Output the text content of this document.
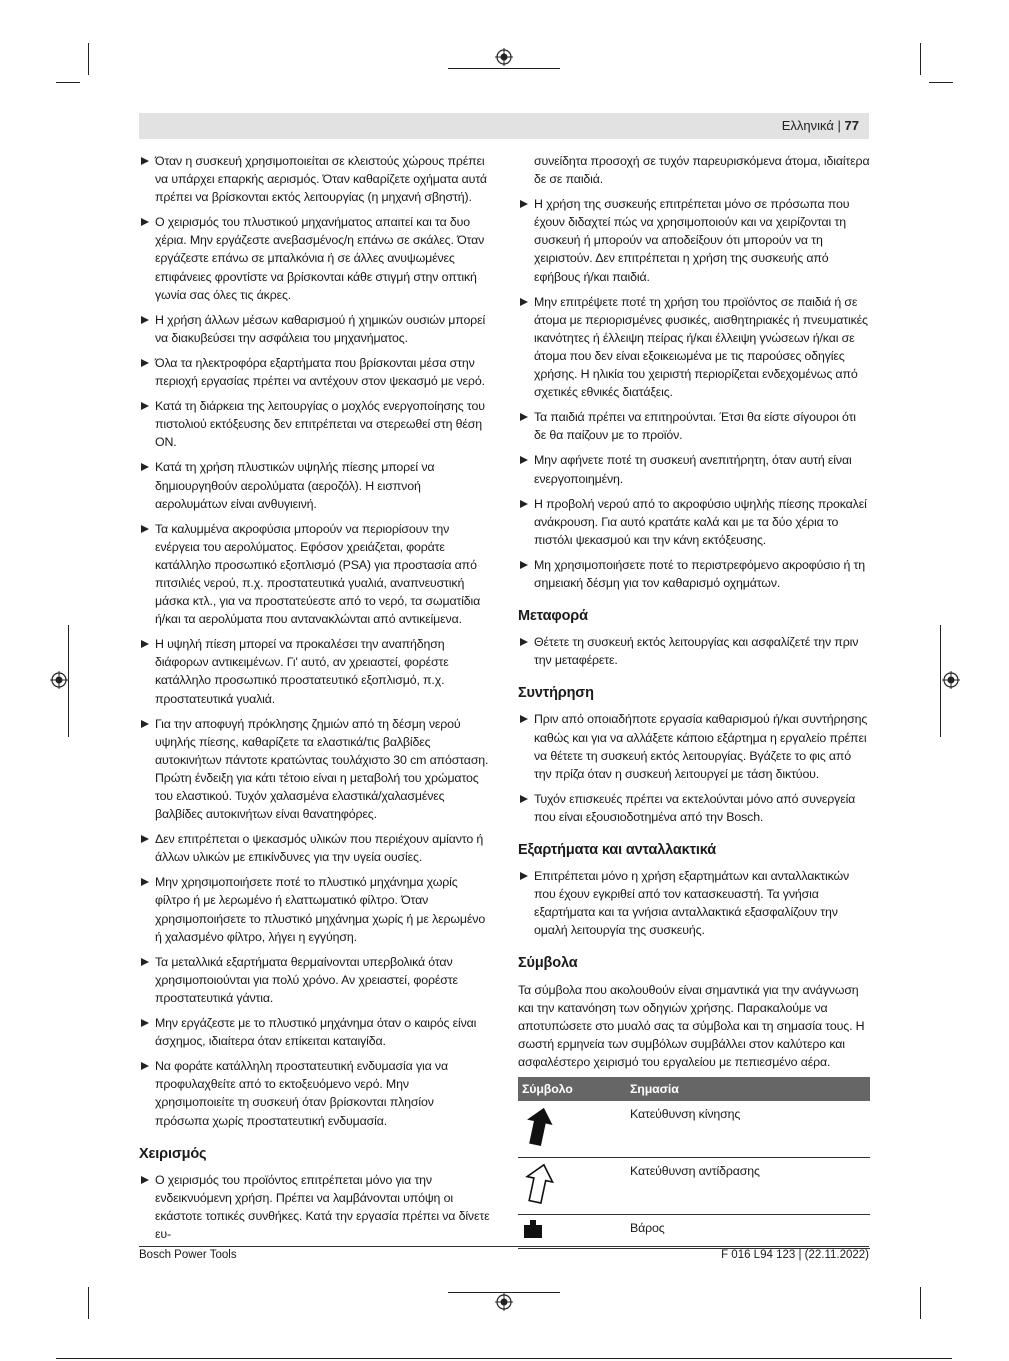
Ελληνικά | 77
Όταν η συσκευή χρησιμοποιείται σε κλειστούς χώρους πρέπει να υπάρχει επαρκής αερισμός. Όταν καθαρίζετε οχήματα αυτά πρέπει να βρίσκονται εκτός λειτουργίας (η μηχανή σβηστή).
Ο χειρισμός του πλυστικού μηχανήματος απαιτεί και τα δυο χέρια. Μην εργάζεστε ανεβασμένος/η επάνω σε σκάλες. Όταν εργάζεστε επάνω σε μπαλκόνια ή σε άλλες ανυψωμένες επιφάνειες φροντίστε να βρίσκονται κάθε στιγμή στην οπτική γωνία σας όλες τις άκρες.
Η χρήση άλλων μέσων καθαρισμού ή χημικών ουσιών μπορεί να διακυβεύσει την ασφάλεια του μηχανήματος.
Όλα τα ηλεκτροφόρα εξαρτήματα που βρίσκονται μέσα στην περιοχή εργασίας πρέπει να αντέχουν στον ψεκασμό με νερό.
Κατά τη διάρκεια της λειτουργίας ο μοχλός ενεργοποίησης του πιστολιού εκτόξευσης δεν επιτρέπεται να στερεωθεί στη θέση ON.
Κατά τη χρήση πλυστικών υψηλής πίεσης μπορεί να δημιουργηθούν αερολύματα (αεροζόλ). Η εισπνοή αερολυμάτων είναι ανθυγιεινή.
Τα καλυμμένα ακροφύσια μπορούν να περιορίσουν την ενέργεια του αερολύματος. Εφόσον χρειάζεται, φοράτε κατάλληλο προσωπικό εξοπλισμό (PSA) για προστασία από πιτσιλιές νερού, π.χ. προστατευτικά γυαλιά, αναπνευστική μάσκα κτλ., για να προστατεύεστε από το νερό, τα σωματίδια ή/και τα αερολύματα που αντανακλώνται από αντικείμενα.
Η υψηλή πίεση μπορεί να προκαλέσει την αναπήδηση διάφορων αντικειμένων. Γι' αυτό, αν χρειαστεί, φορέστε κατάλληλο προσωπικό προστατευτικό εξοπλισμό, π.χ. προστατευτικά γυαλιά.
Για την αποφυγή πρόκλησης ζημιών από τη δέσμη νερού υψηλής πίεσης, καθαρίζετε τα ελαστικά/τις βαλβίδες αυτοκινήτων πάντοτε κρατώντας τουλάχιστο 30 cm απόσταση. Πρώτη ένδειξη για κάτι τέτοιο είναι η μεταβολή του χρώματος του ελαστικού. Τυχόν χαλασμένα ελαστικά/χαλασμένες βαλβίδες αυτοκινήτων είναι θανατηφόρες.
Δεν επιτρέπεται ο ψεκασμός υλικών που περιέχουν αμίαντο ή άλλων υλικών με επικίνδυνες για την υγεία ουσίες.
Μην χρησιμοποιήσετε ποτέ το πλυστικό μηχάνημα χωρίς φίλτρο ή με λερωμένο ή ελαττωματικό φίλτρο. Όταν χρησιμοποιήσετε το πλυστικό μηχάνημα χωρίς ή με λερωμένο ή χαλασμένο φίλτρο, λήγει η εγγύηση.
Τα μεταλλικά εξαρτήματα θερμαίνονται υπερβολικά όταν χρησιμοποιούνται για πολύ χρόνο. Αν χρειαστεί, φορέστε προστατευτικά γάντια.
Μην εργάζεστε με το πλυστικό μηχάνημα όταν ο καιρός είναι άσχημος, ιδιαίτερα όταν επίκειται καταιγίδα.
Να φοράτε κατάλληλη προστατευτική ενδυμασία για να προφυλαχθείτε από το εκτοξευόμενο νερό. Μην χρησιμοποιείτε τη συσκευή όταν βρίσκονται πλησίον πρόσωπα χωρίς προστατευτική ενδυμασία.
Χειρισμός
Ο χειρισμός του προϊόντος επιτρέπεται μόνο για την ενδεικνυόμενη χρήση. Πρέπει να λαμβάνονται υπόψη οι εκάστοτε τοπικές συνθήκες. Κατά την εργασία πρέπει να δίνετε ευ-
συνείδητα προσοχή σε τυχόν παρευρισκόμενα άτομα, ιδιαίτερα δε σε παιδιά.
Η χρήση της συσκευής επιτρέπεται μόνο σε πρόσωπα που έχουν διδαχτεί πώς να χρησιμοποιούν και να χειρίζονται τη συσκευή ή μπορούν να αποδείξουν ότι μπορούν να τη χειριστούν. Δεν επιτρέπεται η χρήση της συσκευής από εφήβους ή/και παιδιά.
Μην επιτρέψετε ποτέ τη χρήση του προϊόντος σε παιδιά ή σε άτομα με περιορισμένες φυσικές, αισθητηριακές ή πνευματικές ικανότητες ή έλλειψη πείρας ή/και έλλειψη γνώσεων ή/και σε άτομα που δεν είναι εξοικειωμένα με τις παρούσες οδηγίες χρήσης. Η ηλικία του χειριστή περιορίζεται ενδεχομένως από σχετικές εθνικές διατάξεις.
Τα παιδιά πρέπει να επιτηρούνται. Έτσι θα είστε σίγουροι ότι δε θα παίζουν με το προϊόν.
Μην αφήνετε ποτέ τη συσκευή ανεπιτήρητη, όταν αυτή είναι ενεργοποιημένη.
Η προβολή νερού από το ακροφύσιο υψηλής πίεσης προκαλεί ανάκρουση. Για αυτό κρατάτε καλά και με τα δύο χέρια το πιστόλι ψεκασμού και την κάνη εκτόξευσης.
Μη χρησιμοποιήσετε ποτέ το περιστρεφόμενο ακροφύσιο ή τη σημειακή δέσμη για τον καθαρισμό οχημάτων.
Μεταφορά
Θέτετε τη συσκευή εκτός λειτουργίας και ασφαλίζετέ την πριν την μεταφέρετε.
Συντήρηση
Πριν από οποιαδήποτε εργασία καθαρισμού ή/και συντήρησης καθώς και για να αλλάξετε κάποιο εξάρτημα η εργαλείο πρέπει να θέτετε τη συσκευή εκτός λειτουργίας. Βγάζετε το φις από την πρίζα όταν η συσκευή λειτουργεί με τάση δικτύου.
Τυχόν επισκευές πρέπει να εκτελούνται μόνο από συνεργεία που είναι εξουσιοδοτημένα από την Bosch.
Εξαρτήματα και ανταλλακτικά
Επιτρέπεται μόνο η χρήση εξαρτημάτων και ανταλλακτικών που έχουν εγκριθεί από τον κατασκευαστή. Τα γνήσια εξαρτήματα και τα γνήσια ανταλλακτικά εξασφαλίζουν την ομαλή λειτουργία της συσκευής.
Σύμβολα

Τα σύμβολα που ακολουθούν είναι σημαντικά για την ανάγνωση και την κατανόηση των οδηγιών χρήσης. Παρακαλούμε να αποτυπώσετε στο μυαλό σας τα σύμβολα και τη σημασία τους. Η σωστή ερμηνεία των συμβόλων συμβάλλει στον καλύτερο και ασφαλέστερο χειρισμό του εργαλείου με πεπιεσμένο αέρα.

Σύμβολο	Σημασία
	Κατεύθυνση κίνησης
	Κατεύθυνση αντίδρασης
	Βάρος
Bosch Power Tools	F 016 L94 123 | (22.11.2022)
